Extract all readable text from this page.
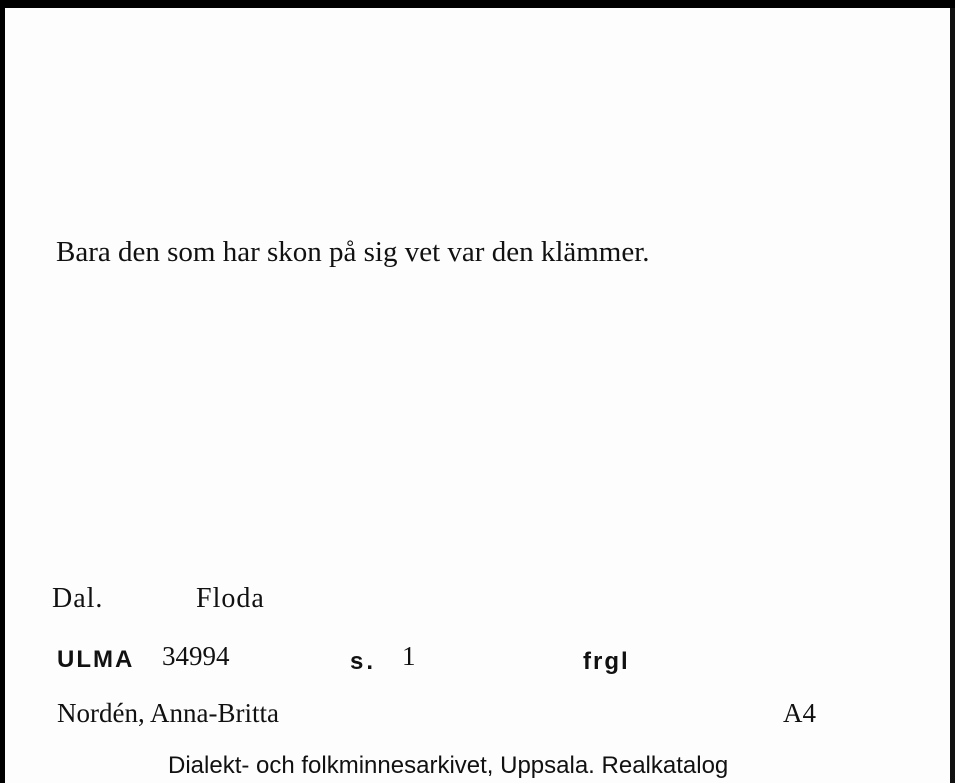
Bara den som har skon på sig vet var den klämmer.
Dal.	Floda
ULMA 34994	s. 1	frgl
Nordén, Anna-Britta	A4
Dialekt- och folkminnesarkivet, Uppsala. Realkatalog
